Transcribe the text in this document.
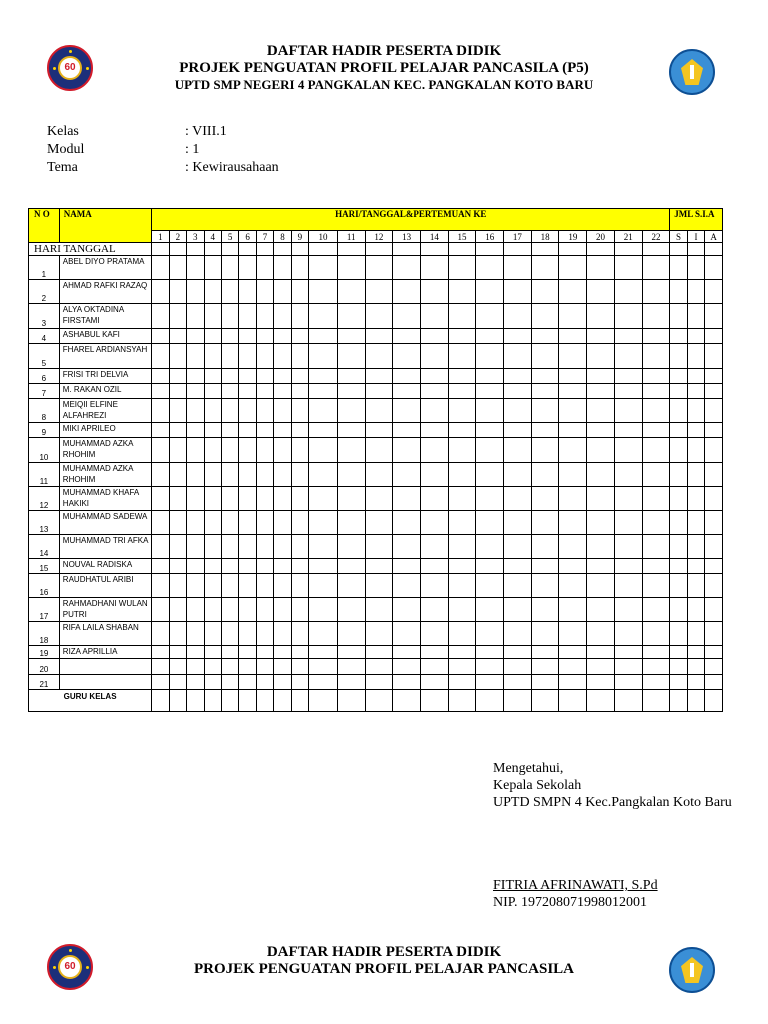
60
DAFTAR HADIR PESERTA DIDIK
PROJEK PENGUATAN PROFIL PELAJAR PANCASILA (P5)
UPTD SMP NEGERI 4 PANGKALAN KEC. PANGKALAN KOTO BARU
Kelas	: VIII.1
Modul	: 1
Tema	: Kewirausahaan
N O	NAMA	HARI/TANGGAL&PERTEMUAN KE																						JML S.I.A		
		1	2	3	4	5	6	7	8	9	10	11	12	13	14	15	16	17	18	19	20	21	22	S	I	A
HARI TANGGAL																										
1	ABEL DIYO PRATAMA																									
2	AHMAD RAFKI RAZAQ																									
3	ALYA OKTADINA FIRSTAMI																									
4	ASHABUL KAFI																									
5	FHAREL ARDIANSYAH																									
6	FRISI TRI DELVIA																									
7	M. RAKAN OZIL																									
8	MEIQII ELFINE ALFAHREZI																									
9	MIKI APRILEO																									
10	MUHAMMAD AZKA RHOHIM																									
11	MUHAMMAD AZKA RHOHIM																									
12	MUHAMMAD KHAFA HAKIKI																									
13	MUHAMMAD SADEWA																									
14	MUHAMMAD TRI AFKA																									
15	NOUVAL RADISKA																									
16	RAUDHATUL ARIBI																									
17	RAHMADHANI WULAN PUTRI																									
18	RIFA LAILA SHABAN																									
19	RIZA APRILLIA																									
20																										
21																										
GURU KELAS																										
Mengetahui,
Kepala Sekolah
UPTD SMPN 4 Kec.Pangkalan Koto Baru
FITRIA AFRINAWATI, S.Pd
NIP. 197208071998012001
60
DAFTAR HADIR PESERTA DIDIK
PROJEK PENGUATAN PROFIL PELAJAR PANCASILA
